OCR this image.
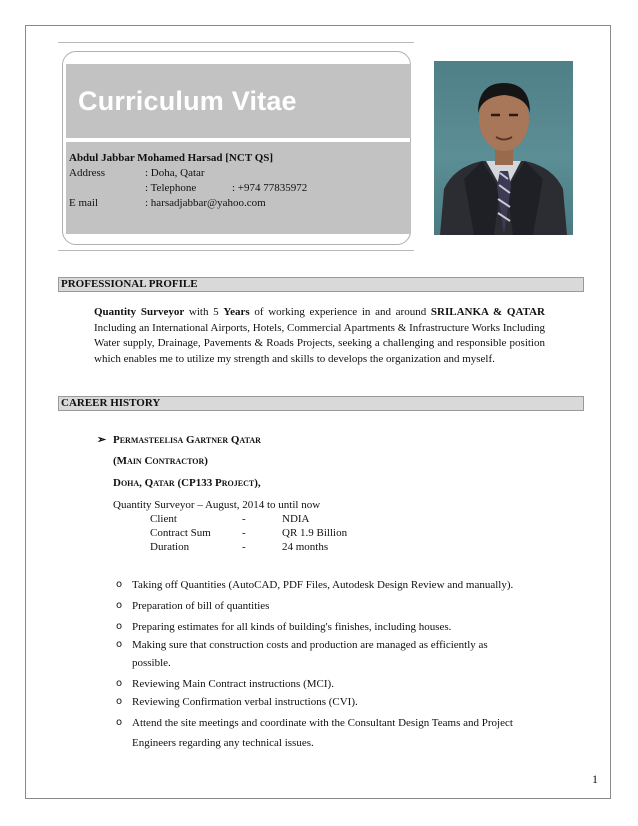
Curriculum Vitae
Abdul Jabbar Mohamed Harsad [NCT QS]
Address	: Doha, Qatar
: Telephone	: +974 77835972
E mail	: harsadjabbar@yahoo.com
PROFESSIONAL PROFILE
Quantity Surveyor with 5 Years of working experience in and around SRILANKA & QATAR Including an International Airports, Hotels, Commercial Apartments & Infrastructure Works Including Water supply, Drainage, Pavements & Roads Projects, seeking a challenging and responsible position which enables me to utilize my strength and skills to develops the organization and myself.
CAREER HISTORY
➢ Permasteelisa Gartner Qatar
(Main Contractor)
Doha, Qatar (CP133 Project),
Quantity Surveyor – August, 2014 to until now
Client	-	NDIA
Contract Sum	-	QR 1.9 Billion
Duration	-	24 months
o Taking off Quantities (AutoCAD, PDF Files, Autodesk Design Review and manually).
o Preparation of bill of quantities
o Preparing estimates for all kinds of building's finishes, including houses.
o Making sure that construction costs and production are managed as efficiently as possible.
o Reviewing Main Contract instructions (MCI).
o Reviewing Confirmation verbal instructions (CVI).
o Attend the site meetings and coordinate with the Consultant Design Teams and Project Engineers regarding any technical issues.
1
